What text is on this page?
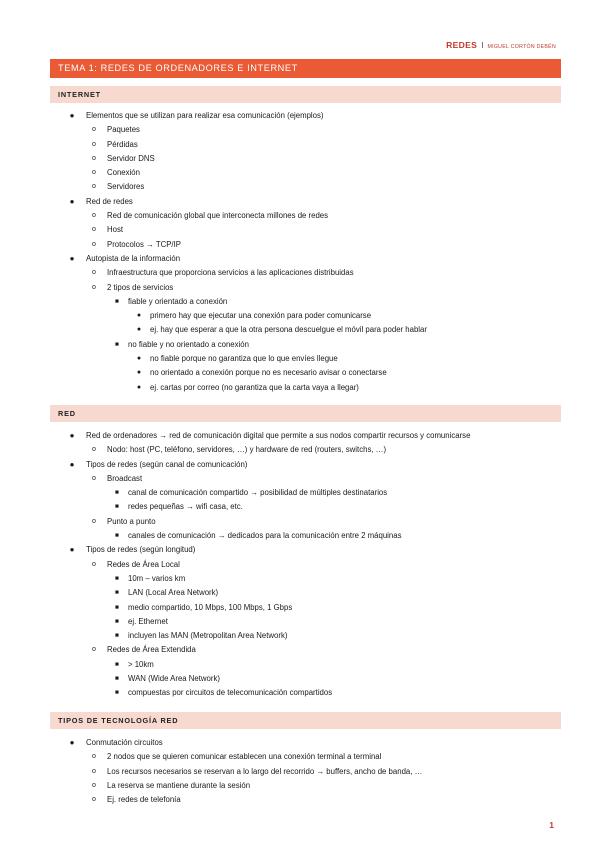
REDES I MIGUEL CORTÓN DEBÉN
TEMA 1: REDES DE ORDENADORES E INTERNET
INTERNET
●	Elementos que se utilizan para realizar esa comunicación (ejemplos)
o	Paquetes
o	Pérdidas
o	Servidor DNS
o	Conexión
o	Servidores
●	Red de redes
o	Red de comunicación global que interconecta millones de redes
o	Host
o	Protocolos → TCP/IP
●	Autopista de la información
o	Infraestructura que proporciona servicios a las aplicaciones distribuidas
o	2 tipos de servicios
■	fiable y orientado a conexión
●	primero hay que ejecutar una conexión para poder comunicarse
●	ej. hay que esperar a que la otra persona descuelgue el móvil para poder hablar
■	no fiable y no orientado a conexión
●	no fiable porque no garantiza que lo que envíes llegue
●	no orientado a conexión porque no es necesario avisar o conectarse
●	ej. cartas por correo (no garantiza que la carta vaya a llegar)
RED
●	Red de ordenadores → red de comunicación digital que permite a sus nodos compartir recursos y comunicarse
o	Nodo: host (PC, teléfono, servidores, …) y hardware de red (routers, switchs, …)
●	Tipos de redes (según canal de comunicación)
o	Broadcast
■	canal de comunicación compartido → posibilidad de múltiples destinatarios
■	redes pequeñas → wifi casa, etc.
o	Punto a punto
■	canales de comunicación → dedicados para la comunicación entre 2 máquinas
●	Tipos de redes (según longitud)
o	Redes de Área Local
■	10m – varios km
■	LAN (Local Area Network)
■	medio compartido, 10 Mbps, 100 Mbps, 1 Gbps
■	ej. Ethernet
■	incluyen las MAN (Metropolitan Area Network)
o	Redes de Área Extendida
■	> 10km
■	WAN (Wide Area Network)
■	compuestas por circuitos de telecomunicación compartidos
TIPOS DE TECNOLOGÍA RED
●	Conmutación circuitos
o	2 nodos que se quieren comunicar establecen una conexión terminal a terminal
o	Los recursos necesarios se reservan a lo largo del recorrido → buffers, ancho de banda, …
o	La reserva se mantiene durante la sesión
o	Ej. redes de telefonía
1
